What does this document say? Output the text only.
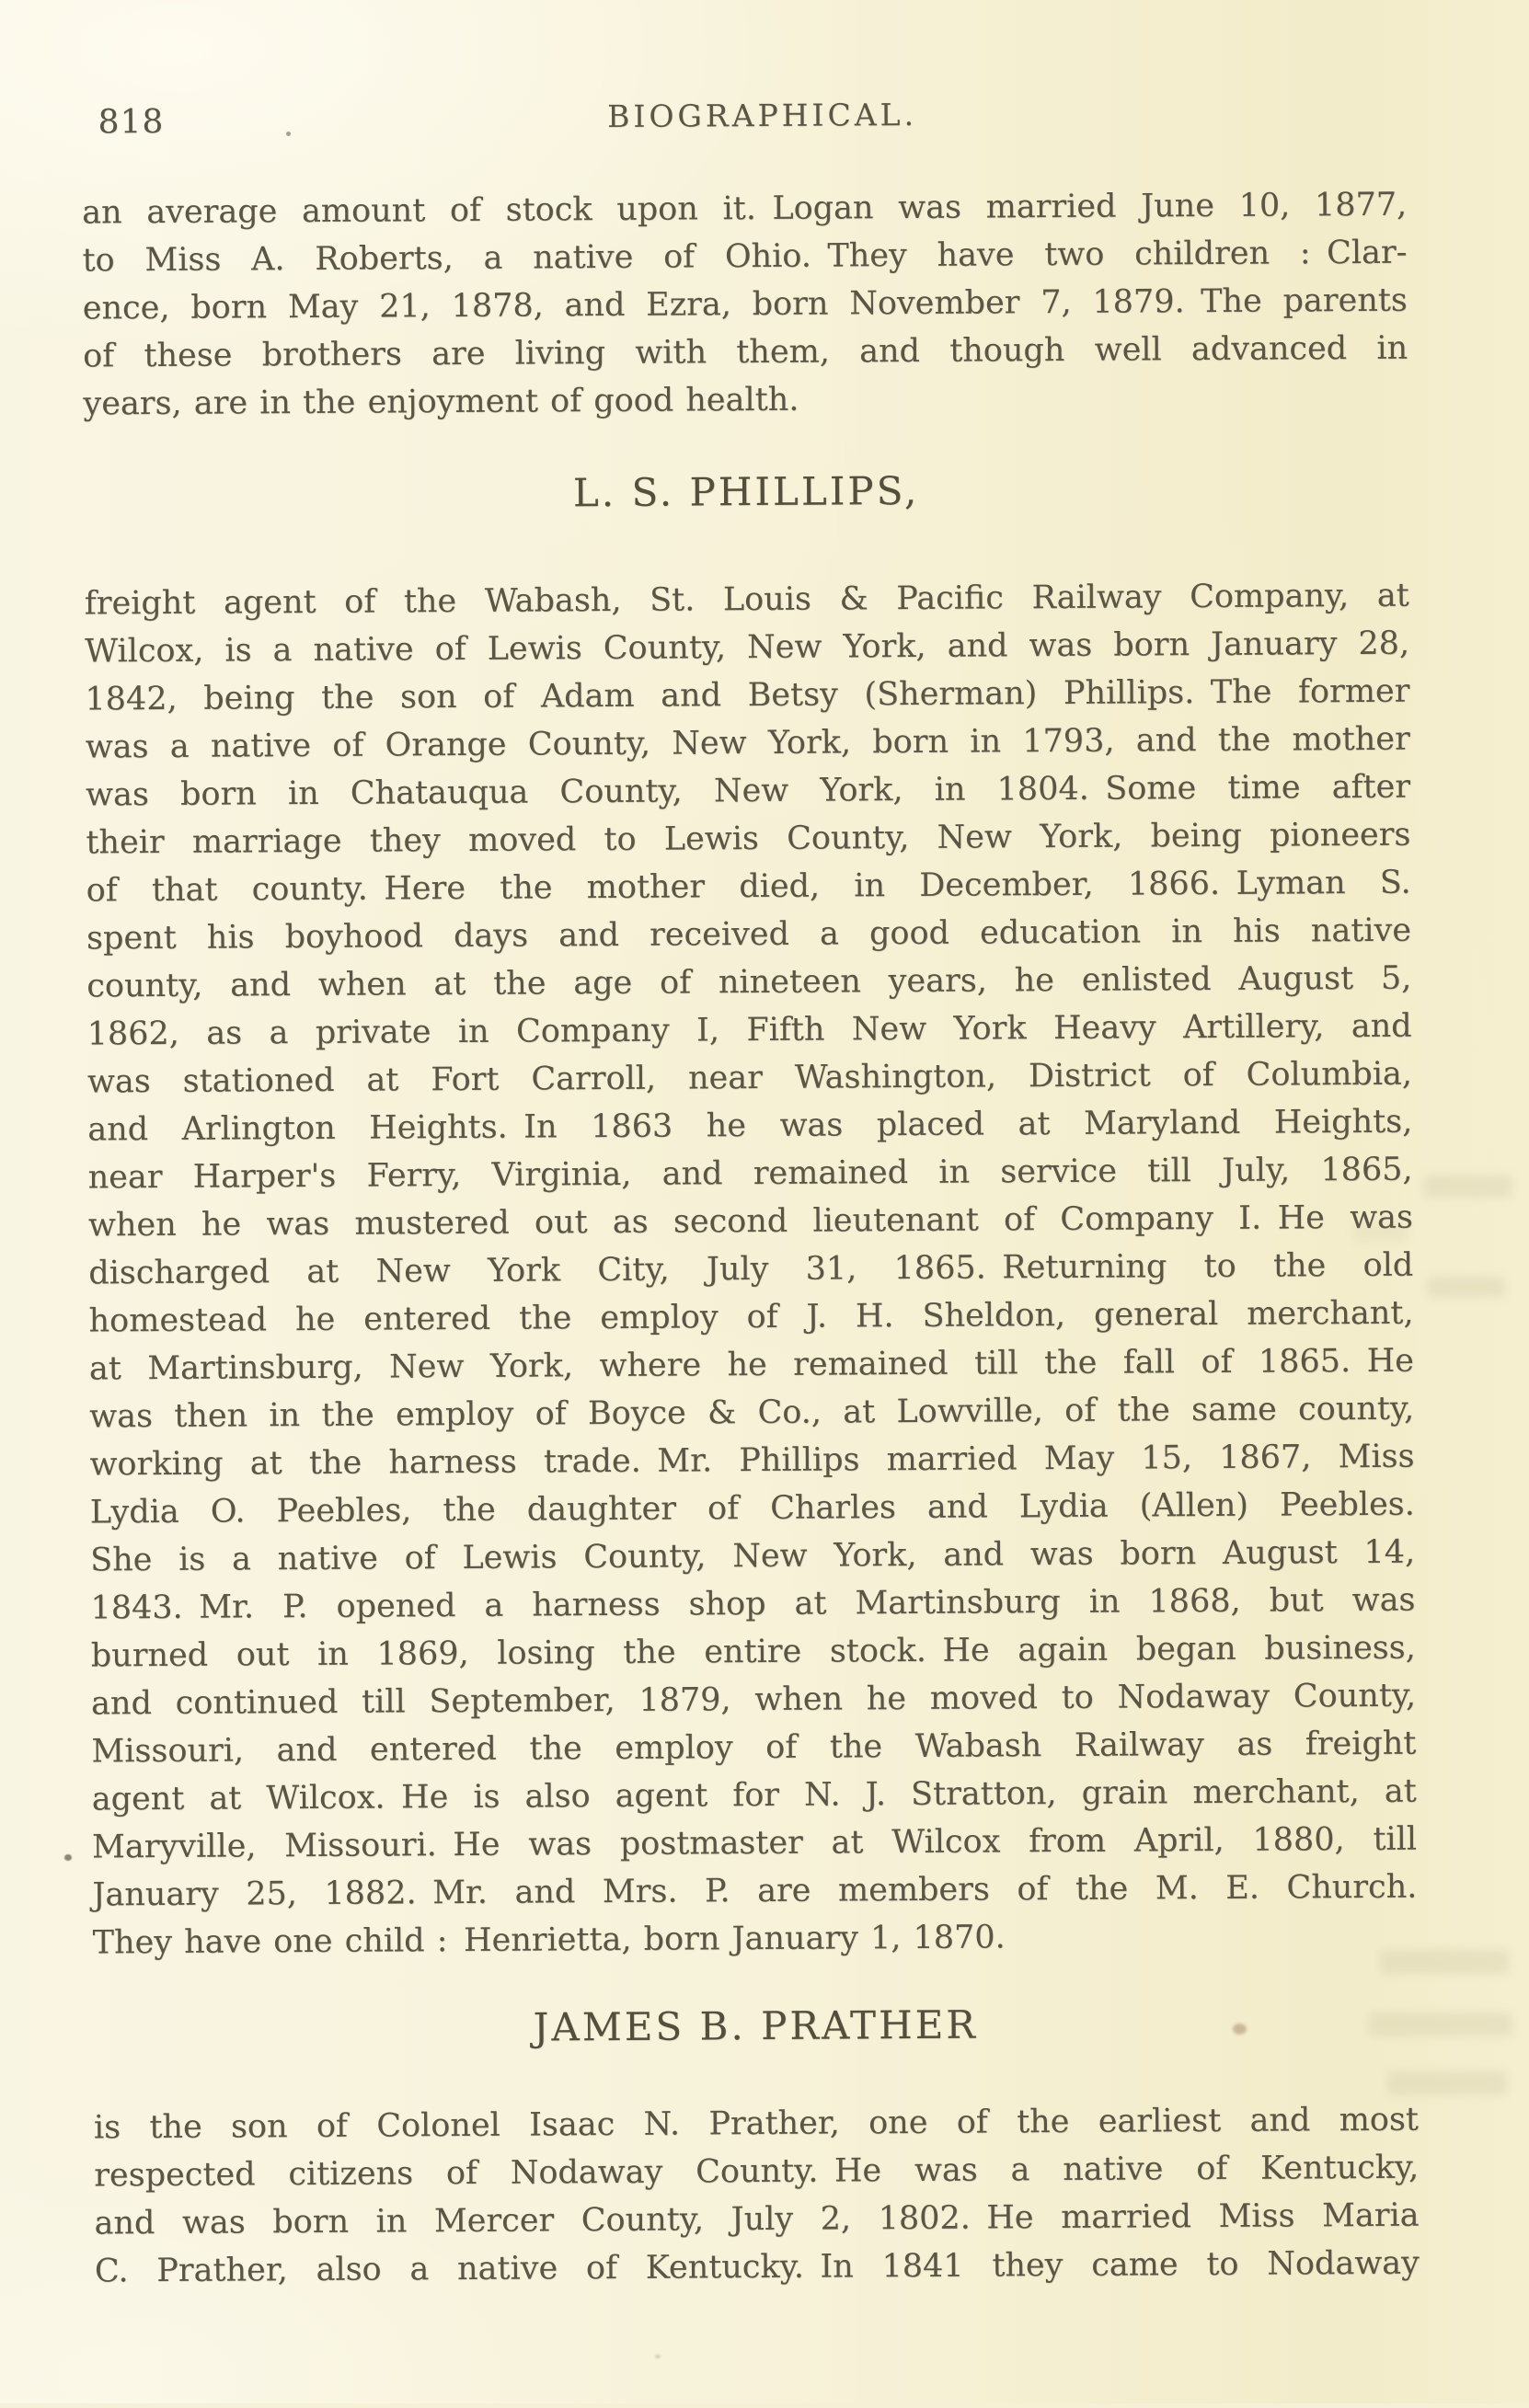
818	BIOGRAPHICAL.
an average amount of stock upon it. Logan was married June 10, 1877,
to Miss A. Roberts, a native of Ohio. They have two children : Clar-
ence, born May 21, 1878, and Ezra, born November 7, 1879. The parents
of these brothers are living with them, and though well advanced in
years, are in the enjoyment of good health.
L. S. PHILLIPS,
freight agent of the Wabash, St. Louis & Pacific Railway Company, at
Wilcox, is a native of Lewis County, New York, and was born January 28,
1842, being the son of Adam and Betsy (Sherman) Phillips. The former
was a native of Orange County, New York, born in 1793, and the mother
was born in Chatauqua County, New York, in 1804. Some time after
their marriage they moved to Lewis County, New York, being pioneers
of that county. Here the mother died, in December, 1866. Lyman S.
spent his boyhood days and received a good education in his native
county, and when at the age of nineteen years, he enlisted August 5,
1862, as a private in Company I, Fifth New York Heavy Artillery, and
was stationed at Fort Carroll, near Washington, District of Columbia,
and Arlington Heights. In 1863 he was placed at Maryland Heights,
near Harper's Ferry, Virginia, and remained in service till July, 1865,
when he was mustered out as second lieutenant of Company I. He was
discharged at New York City, July 31, 1865. Returning to the old
homestead he entered the employ of J. H. Sheldon, general merchant,
at Martinsburg, New York, where he remained till the fall of 1865. He
was then in the employ of Boyce & Co., at Lowville, of the same county,
working at the harness trade. Mr. Phillips married May 15, 1867, Miss
Lydia O. Peebles, the daughter of Charles and Lydia (Allen) Peebles.
She is a native of Lewis County, New York, and was born August 14,
1843. Mr. P. opened a harness shop at Martinsburg in 1868, but was
burned out in 1869, losing the entire stock. He again began business,
and continued till September, 1879, when he moved to Nodaway County,
Missouri, and entered the employ of the Wabash Railway as freight
agent at Wilcox. He is also agent for N. J. Stratton, grain merchant, at
Maryville, Missouri. He was postmaster at Wilcox from April, 1880, till
January 25, 1882. Mr. and Mrs. P. are members of the M. E. Church.
They have one child : Henrietta, born January 1, 1870.
JAMES B. PRATHER
is the son of Colonel Isaac N. Prather, one of the earliest and most
respected citizens of Nodaway County. He was a native of Kentucky,
and was born in Mercer County, July 2, 1802. He married Miss Maria
C. Prather, also a native of Kentucky. In 1841 they came to Nodaway
